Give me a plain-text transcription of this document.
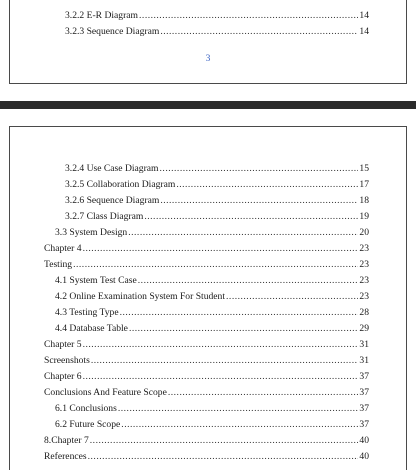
.....
3.2.2 E-R Diagram .....	14
3.2.3 Sequence Diagram .....	14
3
3.2.4 Use Case Diagram .....	15
3.2.5 Collaboration Diagram .....	17
3.2.6 Sequence Diagram .....	18
3.2.7 Class Diagram .....	19
3.3 System Design .....	20
Chapter 4 .....	23
Testing .....	23
4.1 System Test Case .....	23
4.2 Online Examination System For Student .....	23
4.3 Testing Type .....	28
4.4 Database Table .....	29
Chapter 5 .....	31
Screenshots .....	31
Chapter 6 .....	37
Conclusions And Feature Scope .....	37
6.1 Conclusions .....	37
6.2 Future Scope .....	37
8.Chapter 7 .....	40
References .....	40
